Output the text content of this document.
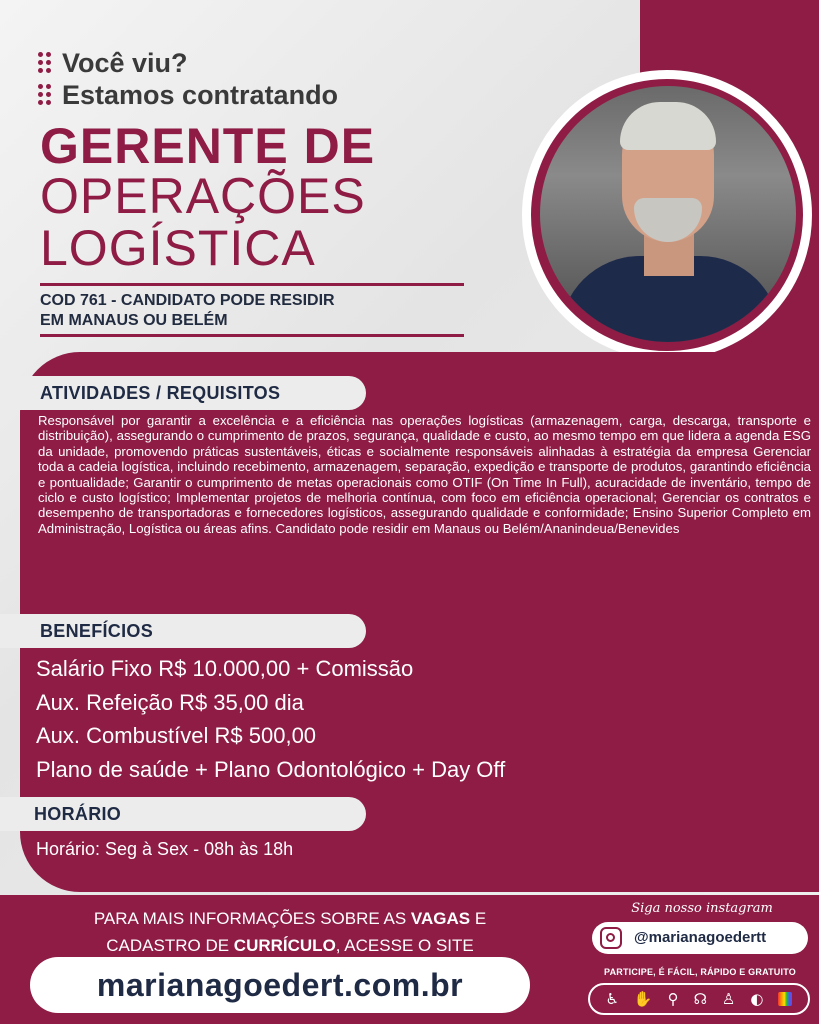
Você viu?
Estamos contratando
GERENTE DE
OPERAÇÕES
LOGÍSTICA
COD 761 - CANDIDATO PODE RESIDIR
EM MANAUS OU BELÉM
ATIVIDADES / REQUISITOS
Responsável por garantir a excelência e a eficiência nas operações logísticas (armazenagem, carga, descarga, transporte e distribuição), assegurando o cumprimento de prazos, segurança, qualidade e custo, ao mesmo tempo em que lidera a agenda ESG da unidade, promovendo práticas sustentáveis, éticas e socialmente responsáveis alinhadas à estratégia da empresa Gerenciar toda a cadeia logística, incluindo recebimento, armazenagem, separação, expedição e transporte de produtos, garantindo eficiência e pontualidade; Garantir o cumprimento de metas operacionais como OTIF (On Time In Full), acuracidade de inventário, tempo de ciclo e custo logístico; Implementar projetos de melhoria contínua, com foco em eficiência operacional; Gerenciar os contratos e desempenho de transportadoras e fornecedores logísticos, assegurando qualidade e conformidade; Ensino Superior Completo em Administração, Logística ou áreas afins. Candidato pode residir em Manaus ou Belém/Ananindeua/Benevides
BENEFÍCIOS
Salário Fixo R$ 10.000,00 + Comissão
Aux. Refeição R$ 35,00 dia
Aux. Combustível R$ 500,00
Plano de saúde + Plano Odontológico + Day Off
HORÁRIO
Horário: Seg à Sex - 08h às 18h
PARA MAIS INFORMAÇÕES SOBRE AS VAGAS E
CADASTRO DE CURRÍCULO, ACESSE O SITE
marianagoedert.com.br
Siga nosso instagram
@marianagoedertt
PARTICIPE, É FÁCIL, RÁPIDO E GRATUITO
♿ ✋ ⚲ ☊ ♙ ◐
